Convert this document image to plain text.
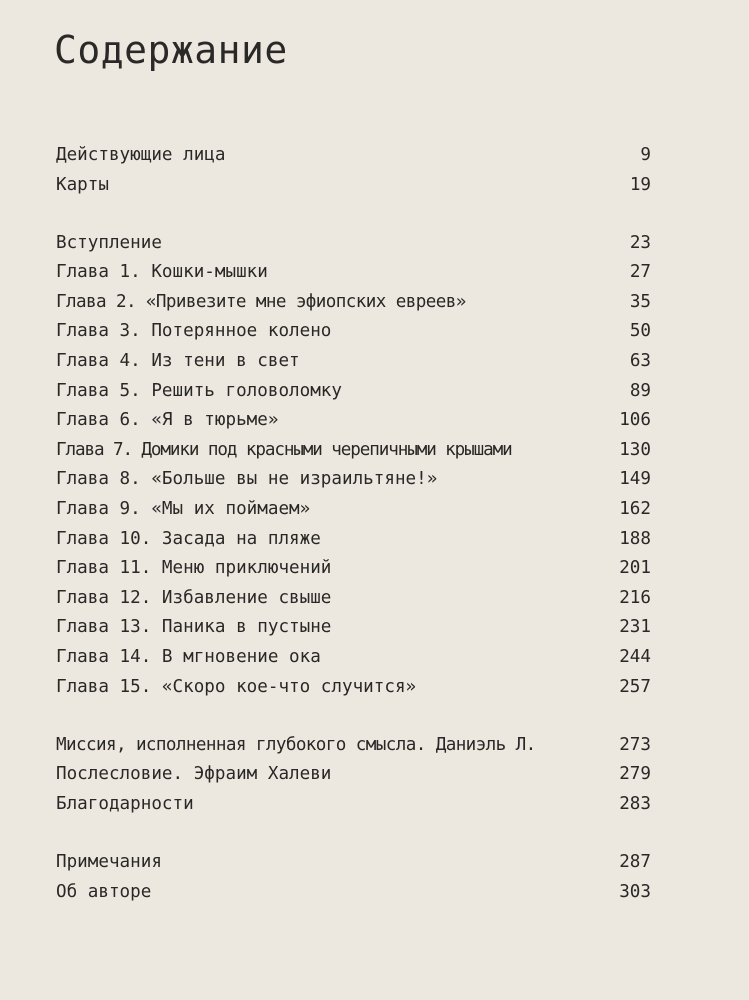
Содержание
Действующие лица	9
Карты	19
Вступление	23
Глава 1. Кошки-мышки	27
Глава 2. «Привезите мне эфиопских евреев»	35
Глава 3. Потерянное колено	50
Глава 4. Из тени в свет	63
Глава 5. Решить головоломку	89
Глава 6. «Я в тюрьме»	106
Глава 7. Домики под красными черепичными крышами	130
Глава 8. «Больше вы не израильтяне!»	149
Глава 9. «Мы их поймаем»	162
Глава 10. Засада на пляже	188
Глава 11. Меню приключений	201
Глава 12. Избавление свыше	216
Глава 13. Паника в пустыне	231
Глава 14. В мгновение ока	244
Глава 15. «Скоро кое-что случится»	257
Миссия, исполненная глубокого смысла. Даниэль Л.	273
Послесловие. Эфраим Халеви	279
Благодарности	283
Примечания	287
Об авторе	303
